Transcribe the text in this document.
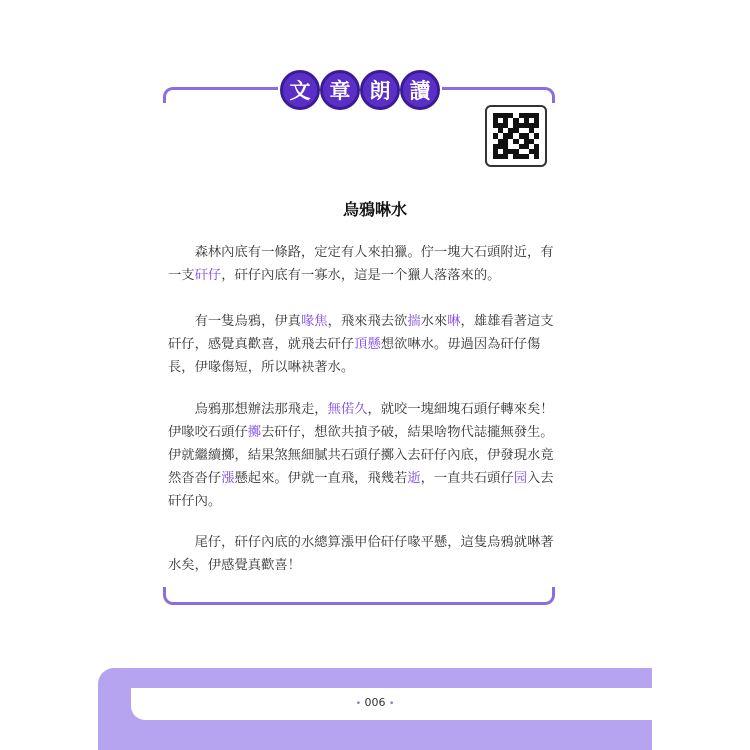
文 章 朗 讀
烏鴉啉水

森林內底有一條路，定定有人來拍獵。佇一塊大石頭附近，有一支矸仔，矸仔內底有一寡水，這是一个獵人落落來的。

有一隻烏鴉，伊真喙焦，飛來飛去欲揣水來啉，雄雄看著這支矸仔，感覺真歡喜，就飛去矸仔頂懸想欲啉水。毋過因為矸仔傷長，伊喙傷短，所以啉袂著水。

烏鴉那想辦法那飛走，無偌久，就咬一塊細塊石頭仔轉來矣！伊喙咬石頭仔擲去矸仔，想欲共揁予破，結果啥物代誌攏無發生。伊就繼續擲，結果煞無細膩共石頭仔擲入去矸仔內底，伊發現水竟然沓沓仔漲懸起來。伊就一直飛，飛幾若逝，一直共石頭仔园入去矸仔內。

尾仔，矸仔內底的水總算漲甲佮矸仔喙平懸，這隻烏鴉就啉著水矣，伊感覺真歡喜！

• 006 •
